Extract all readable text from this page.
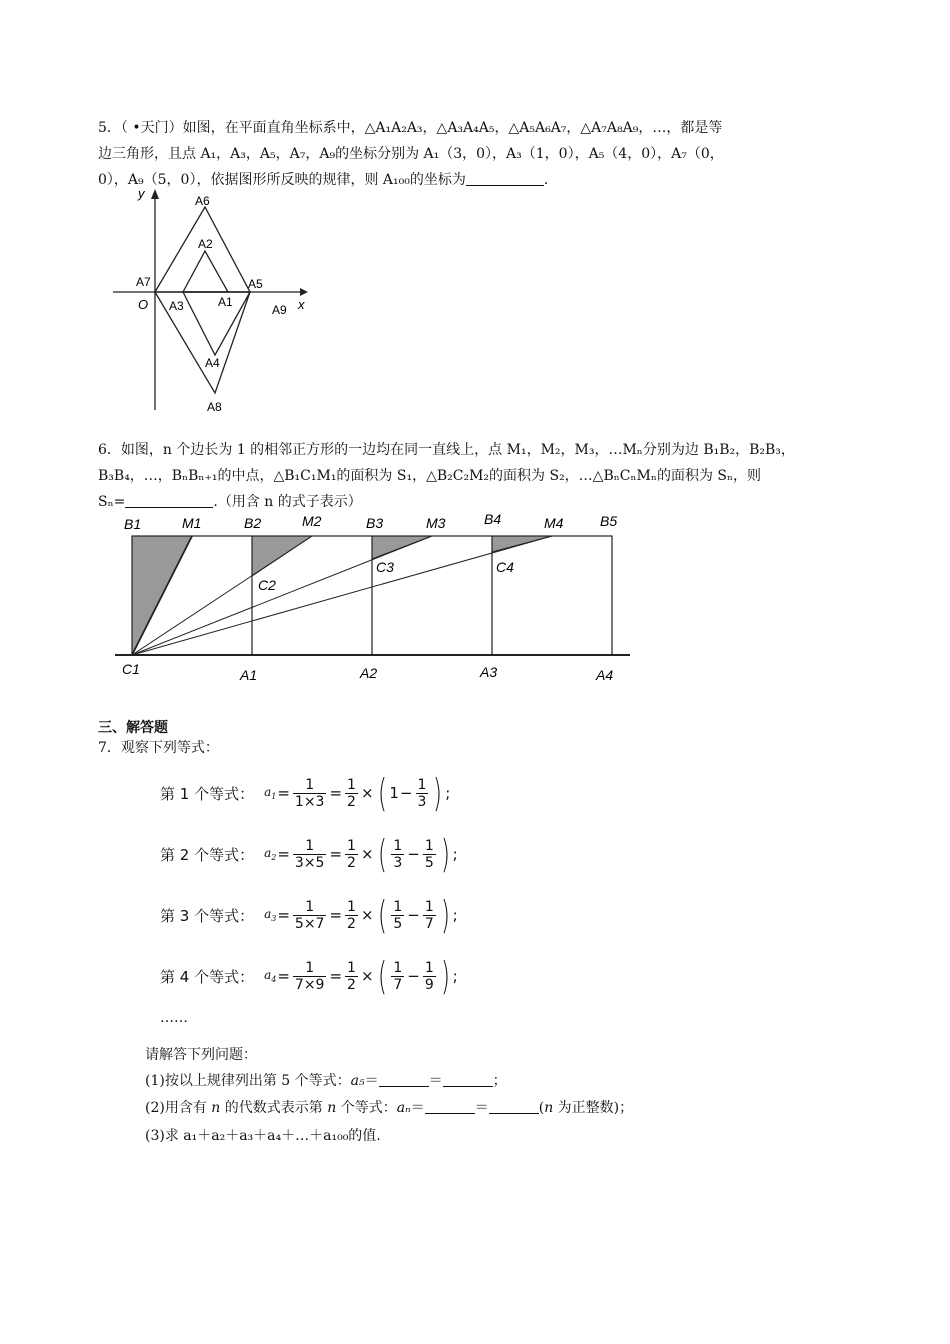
5．（ •天门）如图，在平面直角坐标系中，△A₁A₂A₃，△A₃A₄A₅，△A₅A₆A₇，△A₇A₈A₉，…，都是等
边三角形，且点 A₁，A₃，A₅，A₇，A₉的坐标分别为 A₁（3，0），A₃（1，0），A₅（4，0），A₇（0，
0），A₉（5，0），依据图形所反映的规律，则 A₁₀₀的坐标为	.
y
x
O
A6
A2
A7	A5
A3	A1
A9
A4
A8
6．如图，n 个边长为 1 的相邻正方形的一边均在同一直线上，点 M₁，M₂，M₃，…Mₙ分别为边 B₁B₂，B₂B₃，
B₃B₄，…，BₙBₙ₊₁的中点，△B₁C₁M₁的面积为 S₁，△B₂C₂M₂的面积为 S₂，…△BₙCₙMₙ的面积为 Sₙ，则
Sₙ=	.（用含 n 的式子表示）
B1	M1	B2	M2	B3	M3	B4	M4	B5
C2
C3	C4
C1	A1	A2	A3	A4
三、解答题
7．观察下列等式：
第 1 个等式： $a_1 = \frac{1}{1\times 3} = \frac{1}{2}$ × ( $1 - \frac{1}{3}$ ) ;
第 2 个等式： $a_2 = \frac{1}{3\times 5} = \frac{1}{2}$ × ( $\frac{1}{3} - \frac{1}{5}$ ) ;
第 3 个等式： $a_3 = \frac{1}{5\times 7} = \frac{1}{2}$ × ( $\frac{1}{5} - \frac{1}{7}$ ) ;
第 4 个等式： $a_4 = \frac{1}{7\times 9} = \frac{1}{2}$ × ( $\frac{1}{7} - \frac{1}{9}$ ) ;
……
请解答下列问题：
(1)按以上规律列出第 5 个等式：a₅＝	＝	；
(2)用含有 n 的代数式表示第 n 个等式：aₙ＝	＝	(n 为正整数)；
(3)求 a₁＋a₂＋a₃＋a₄＋…＋a₁₀₀的值.
